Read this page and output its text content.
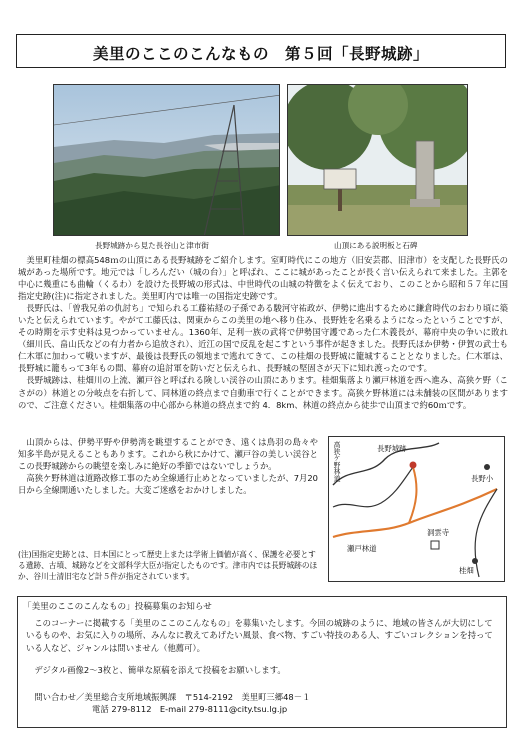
美里のここのこんなもの　第５回「長野城跡」
長野城跡から見た長谷山と津市街	山頂にある説明板と石碑

美里町桂畑の標高548ｍの山頂にある長野城跡をご紹介します。室町時代にこの地方（旧安芸郡、旧津市）を支配した長野氏の城があった場所です。地元では「しろんだい（城の台）」と呼ばれ、ここに城があったことが長く言い伝えられて来ました。主郭を中心に幾重にも曲輪（くるわ）を設けた長野城の形式は、中世時代の山城の特徴をよく伝えており、このことから昭和５７年に国指定史跡(注)に指定されました。美里町内では唯一の国指定史跡です。

長野氏は、「曽我兄弟の仇討ち」で知られる工藤祐経の子孫である駿河守祐政が、伊勢に進出するために鎌倉時代のおわり頃に築いたと伝えられています。やがて工藤氏は、関東からこの美里の地へ移り住み、長野姓を名乗るようになったということですが、その時期を示す史料は見つかっていません。1360年、足利一族の武将で伊勢国守護であった仁木義長が、幕府中央の争いに敗れ（細川氏、畠山氏などの有力者から追放され）、近江の国で反乱を起こすという事件が起きました。長野氏ほか伊勢・伊賀の武士も仁木軍に加わって戦いますが、最後は長野氏の領地まで逃れてきて、この桂畑の長野城に籠城することとなりました。仁木軍は、長野城に籠もって3年もの間、幕府の追討軍を防いだと伝えられ、長野城の堅固さが天下に知れ渡ったのです。

長野城跡は、桂畑川の上流、瀬戸谷と呼ばれる険しい渓谷の山頂にあります。桂畑集落より瀬戸林道を西へ進み、高狭ケ野（こさがの）林道との分岐点を右折して、同林道の終点まで自動車で行くことができます。高狭ケ野林道には未舗装の区間がありますので、ご注意ください。桂畑集落の中心部から林道の終点まで約 4．8km、林道の終点から徒歩で山頂まで約60ｍです。

山頂からは、伊勢平野や伊勢湾を眺望することができ、遠くは鳥羽の島々や知多半島が見えることもあります。これから秋にかけて、瀬戸谷の美しい渓谷とこの長野城跡からの眺望を楽しみに絶好の季節ではないでしょうか。

高狭ケ野林道は道路改修工事のため全線通行止めとなっていましたが、7月20日から全線開通いたしました。大変ご迷惑をおかけしました。

(注)国指定史跡とは、日本国にとって歴史上または学術上価値が高く、保護を必要とする遺跡、古墳、城跡などを文部科学大臣が指定したものです。津市内では長野城跡のほか、谷川士清旧宅など計５件が指定されています。
高狭ケ野林道	長野城跡
長野小
瀬戸林道
洞雲寺
桂畑
「美里のここのこんなもの」投稿募集のお知らせ
このコーナーに掲載する「美里のここのこんなもの」を募集いたします。今回の城跡のように、地域の皆さんが大切にしているものや、お気に入りの場所、みんなに教えてあげたい風景、食べ物、すごい特技のある人、すごいコレクションを持っている人など、ジャンルは問いません（他薦可）。
デジタル画像2～3枚と、簡単な原稿を添えて投稿をお願いします。
問い合わせ／美里総合支所地域振興課　〒514-2192　美里町三郷48－１
電話 279-8112　E-mail 279-8111@city.tsu.lg.jp
